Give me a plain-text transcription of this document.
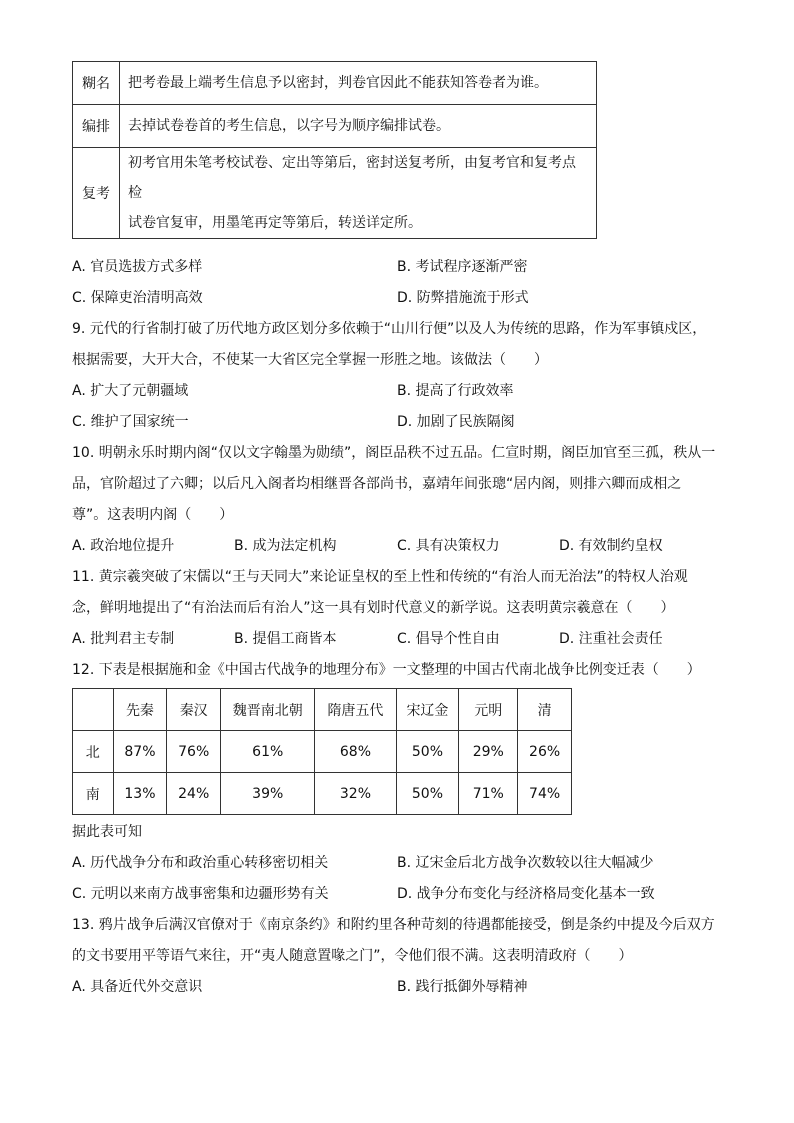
糊名	把考卷最上端考生信息予以密封，判卷官因此不能获知答卷者为谁。
编排	去掉试卷卷首的考生信息，以字号为顺序编排试卷。
复考	初考官用朱笔考校试卷、定出等第后，密封送复考所，由复考官和复考点检
试卷官复审，用墨笔再定等第后，转送详定所。
A. 官员选拔方式多样	B. 考试程序逐渐严密
C. 保障吏治清明高效	D. 防弊措施流于形式
9. 元代的行省制打破了历代地方政区划分多依赖于“山川行便”以及人为传统的思路，作为军事镇戍区，
根据需要，大开大合，不使某一大省区完全掌握一形胜之地。该做法（　　）
A. 扩大了元朝疆域	B. 提高了行政效率
C. 维护了国家统一	D. 加剧了民族隔阂
10. 明朝永乐时期内阁“仅以文字翰墨为勋绩”，阁臣品秩不过五品。仁宣时期，阁臣加官至三孤，秩从一
品，官阶超过了六卿；以后凡入阁者均相继晋各部尚书，嘉靖年间张璁“居内阁，则排六卿而成相之
尊”。这表明内阁（　　）
A. 政治地位提升	B. 成为法定机构	C. 具有决策权力	D. 有效制约皇权
11. 黄宗羲突破了宋儒以“王与天同大”来论证皇权的至上性和传统的“有治人而无治法”的特权人治观
念，鲜明地提出了“有治法而后有治人”这一具有划时代意义的新学说。这表明黄宗羲意在（　　）
A. 批判君主专制	B. 提倡工商皆本	C. 倡导个性自由	D. 注重社会责任
12. 下表是根据施和金《中国古代战争的地理分布》一文整理的中国古代南北战争比例变迁表（　　）
	先秦	秦汉	魏晋南北朝	隋唐五代	宋辽金	元明	清
北	87%	76%	61%	68%	50%	29%	26%
南	13%	24%	39%	32%	50%	71%	74%
据此表可知
A. 历代战争分布和政治重心转移密切相关	B. 辽宋金后北方战争次数较以往大幅减少
C. 元明以来南方战事密集和边疆形势有关	D. 战争分布变化与经济格局变化基本一致
13. 鸦片战争后满汉官僚对于《南京条约》和附约里各种苛刻的待遇都能接受，倒是条约中提及今后双方
的文书要用平等语气来往，开“夷人随意置喙之门”，令他们很不满。这表明清政府（　　）
A. 具备近代外交意识	B. 践行抵御外辱精神
